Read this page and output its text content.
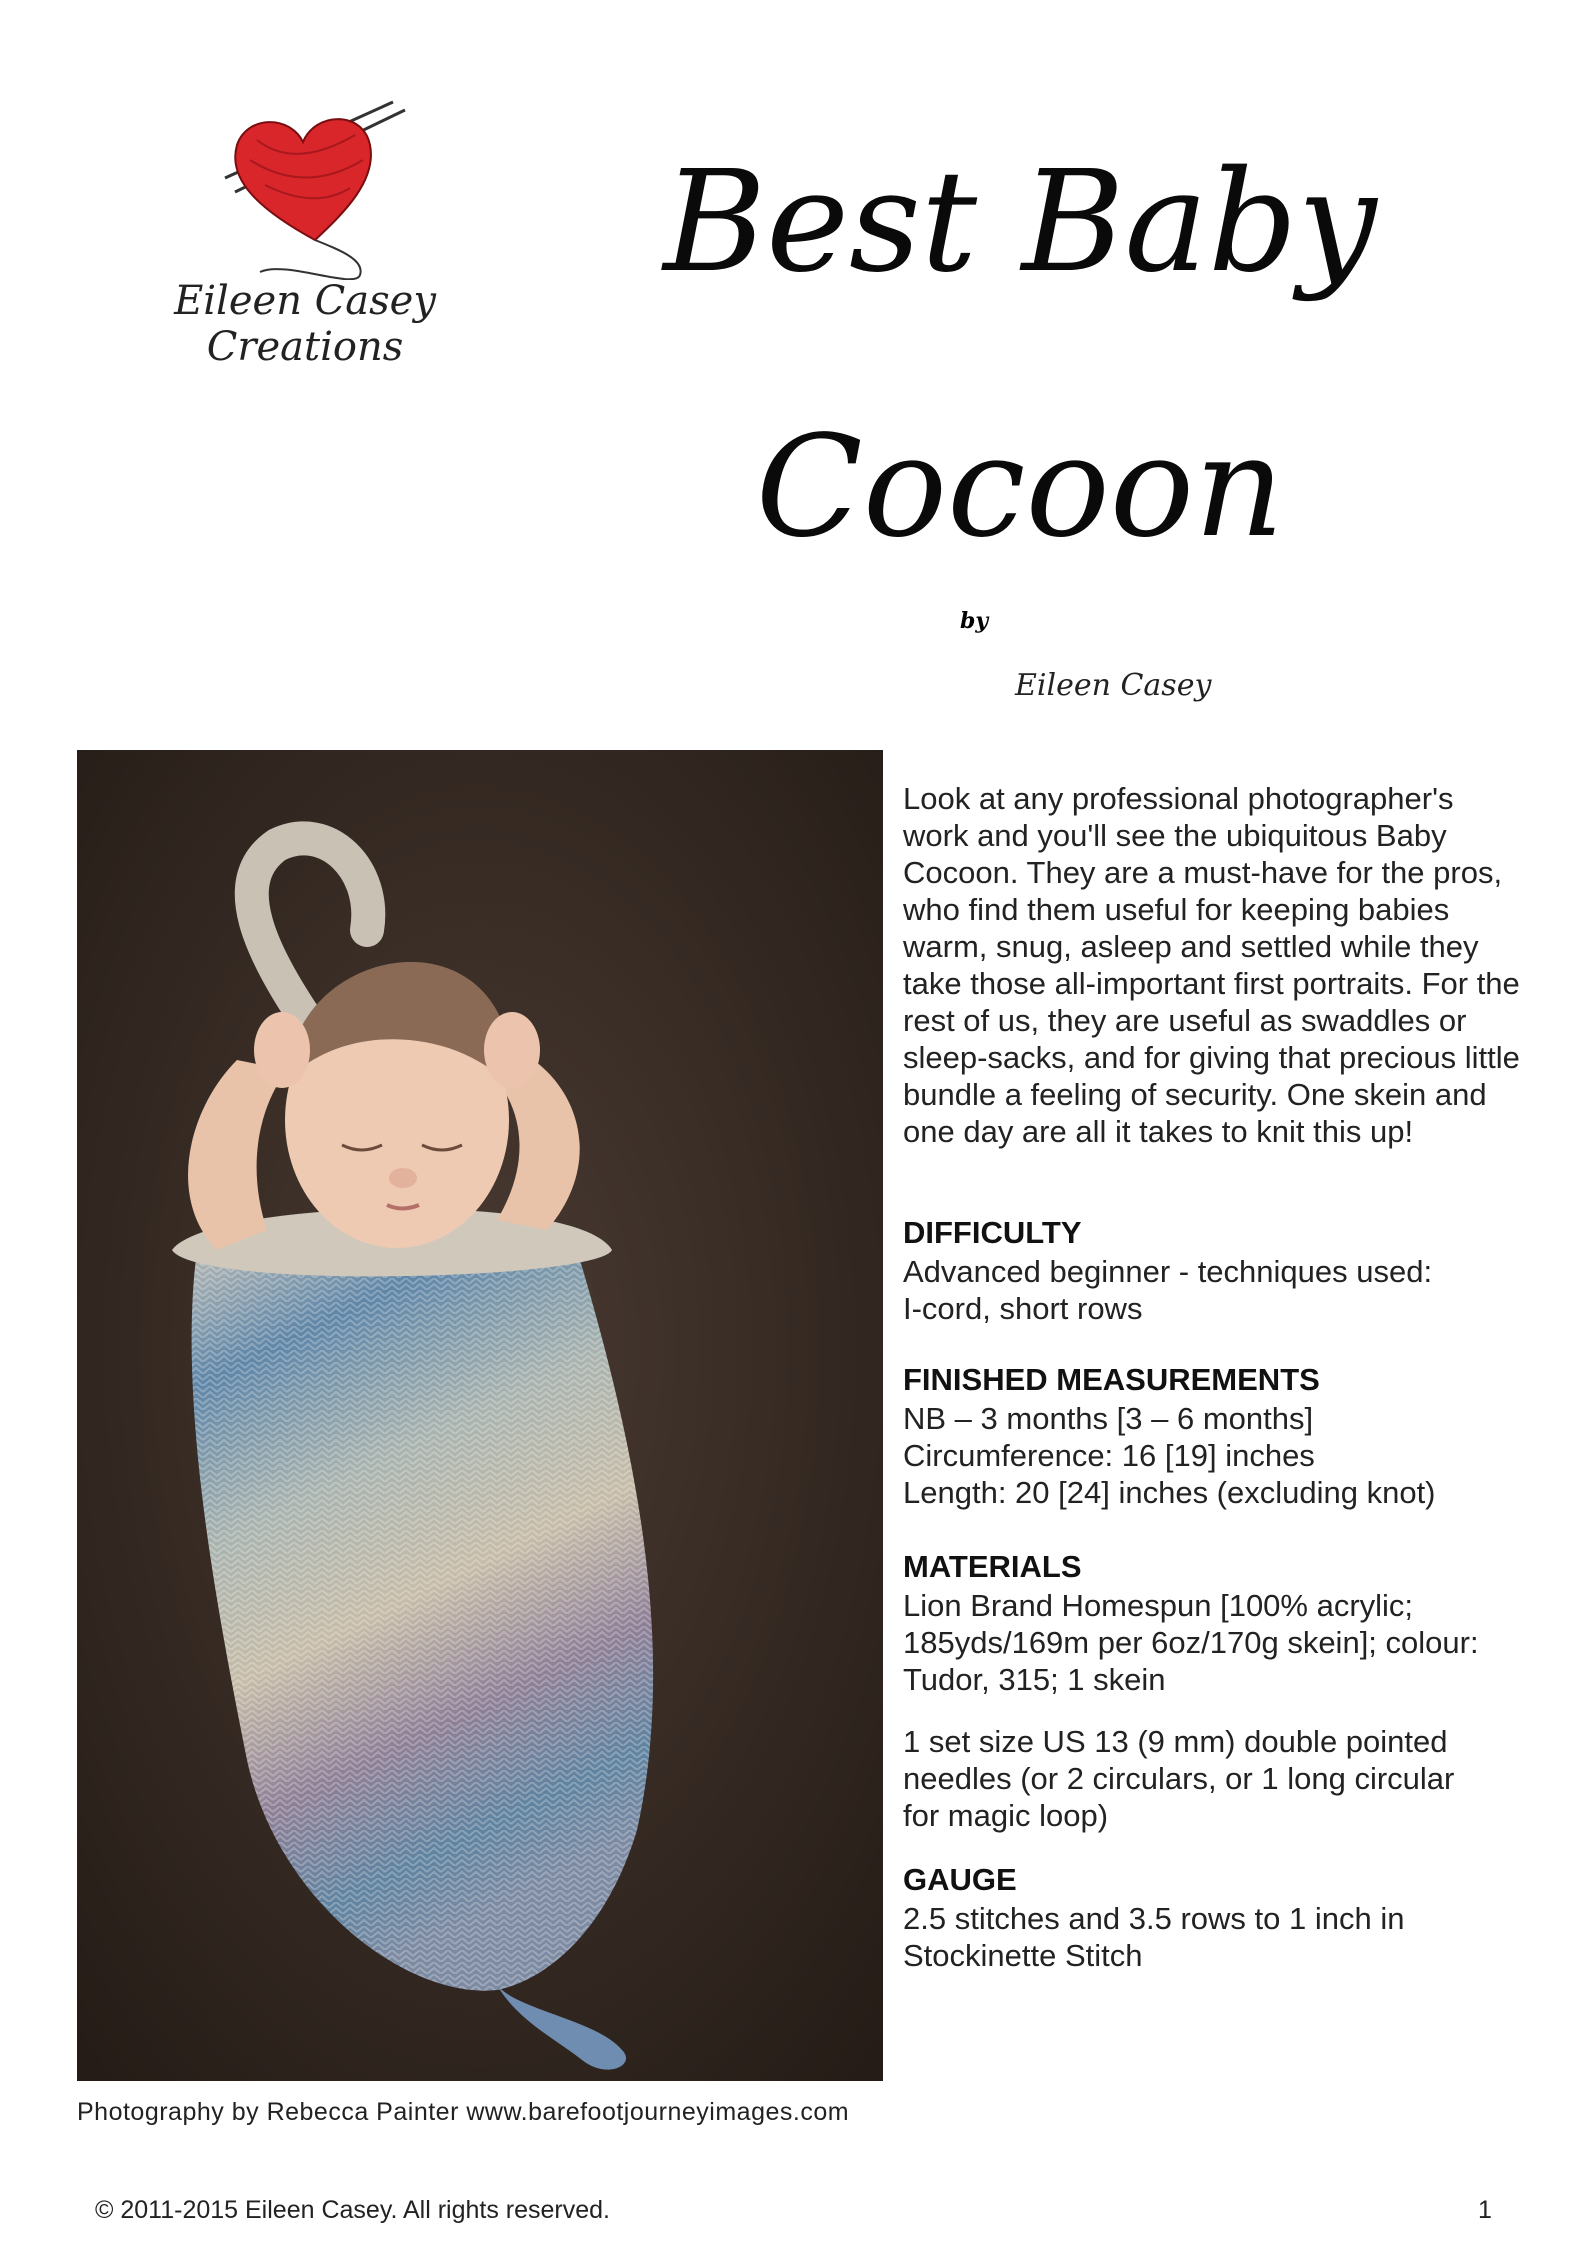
Eileen Casey Creations
Best Baby Cocoon
by
Eileen Casey
Photography by Rebecca Painter www.barefootjourneyimages.com

Look at any professional photographer's work and you'll see the ubiquitous Baby Cocoon. They are a must-have for the pros, who find them useful for keeping babies warm, snug, asleep and settled while they take those all-important first portraits. For the rest of us, they are useful as swaddles or sleep-sacks, and for giving that precious little bundle a feeling of security. One skein and one day are all it takes to knit this up!

DIFFICULTY
Advanced beginner - techniques used:
I-cord, short rows
FINISHED MEASUREMENTS
NB – 3 months [3 – 6 months]
Circumference: 16 [19] inches
Length: 20 [24] inches (excluding knot)
MATERIALS
Lion Brand Homespun [100% acrylic;
185yds/169m per 6oz/170g skein]; colour:
Tudor, 315; 1 skein
1 set size US 13 (9 mm) double pointed
needles (or 2 circulars, or 1 long circular
for magic loop)
GAUGE
2.5 stitches and 3.5 rows to 1 inch in
Stockinette Stitch
© 2011-2015 Eileen Casey. All rights reserved.	1
